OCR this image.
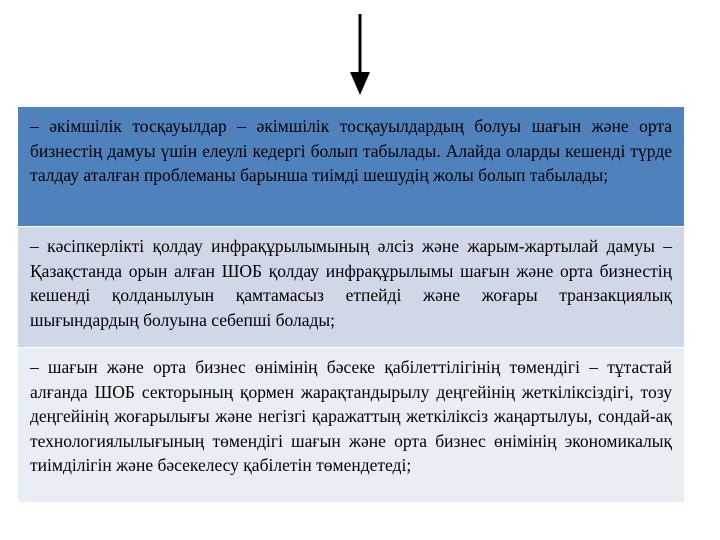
– әкімшілік тосқауылдар – әкімшілік тосқауылдардың болуы шағын және орта бизнестің дамуы үшін елеулі кедергі болып табылады. Алайда оларды кешенді түрде талдау аталған проблеманы барынша тиімді шешудің жолы болып табылады;
– кәсіпкерлікті қолдау инфрақұрылымының әлсіз және жарым-жартылай дамуы – Қазақстанда орын алған ШОБ қолдау инфрақұрылымы шағын және орта бизнестің кешенді қолданылуын қамтамасыз етпейді және жоғары транзакциялық шығындардың болуына себепші болады;
– шағын және орта бизнес өнімінің бәсеке қабілеттілігінің төмендігі – тұтастай алғанда ШОБ секторының қормен жарақтандырылу деңгейінің жеткіліксіздігі, тозу деңгейінің жоғарылығы және негізгі қаражаттың жеткіліксіз жаңартылуы, сондай-ақ технологиялылығының төмендігі шағын және орта бизнес өнімінің экономикалық тиімділігін және бәсекелесу қабілетін төмендетеді;
